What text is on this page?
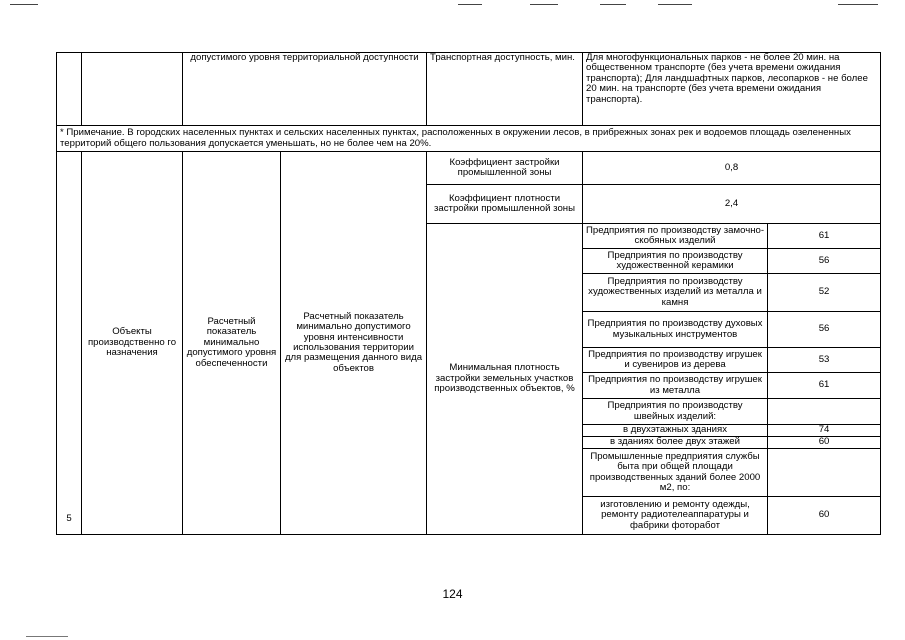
		допустимого уровня территориальной доступности		Транспортная доступность, мин.	Для многофункциональных парков - не более 20 мин. на общественном транспорте (без учета времени ожидания транспорта); Для ландшафтных парков, лесопарков - не более 20 мин. на транспорте (без учета времени ожидания транспорта).	
* Примечание. В городских населенных пунктах и сельских населенных пунктах, расположенных в окружении лесов, в прибрежных зонах рек и водоемов площадь озелененных территорий общего пользования допускается уменьшать, но не более чем на 20%.						
5	Объекты производственно го назначения	Расчетный показатель минимально допустимого уровня обеспеченности	Расчетный показатель минимально допустимого уровня интенсивности использования территории для размещения данного вида объектов	Коэффициент застройки промышленной зоны	0,8	
				Коэффициент плотности застройки промышленной зоны	2,4	
				Минимальная плотность застройки земельных участков производственных объектов, %	Предприятия по производству замочно-скобяных изделий	61
					Предприятия по производству художественной керамики	56
					Предприятия по производству художественных изделий из металла и камня	52
					Предприятия по производству духовых музыкальных инструментов	56
					Предприятия по производству игрушек и сувениров из дерева	53
					Предприятия по производству игрушек из металла	61
					Предприятия по производству швейных изделий:	
					в двухэтажных зданиях	74
					в зданиях более двух этажей	60
					Промышленные предприятия службы быта при общей площади производственных зданий более 2000 м2, по:	
					изготовлению и ремонту одежды, ремонту радиотелеаппаратуры и фабрики фоторабот	60
124
